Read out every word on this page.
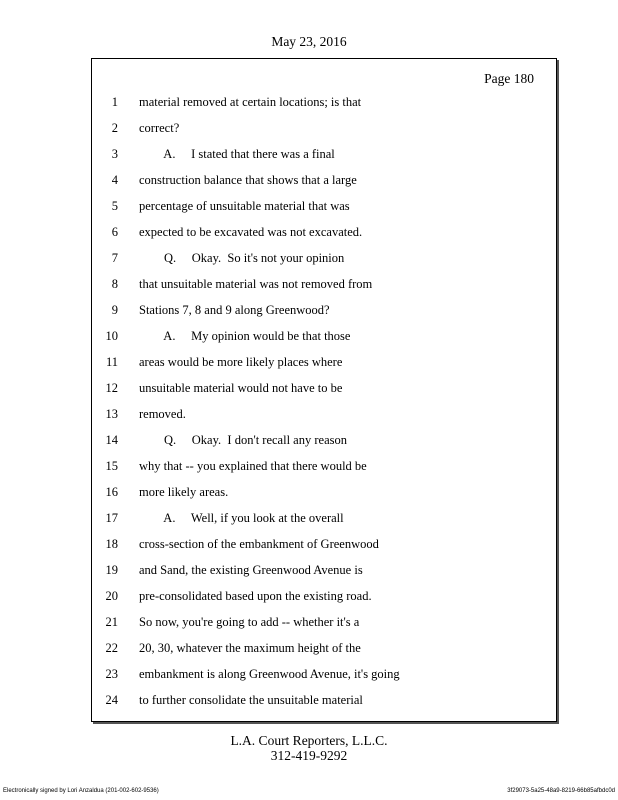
May 23, 2016
Page 180
1 material removed at certain locations; is that
2 correct?
3 A.     I stated that there was a final
4 construction balance that shows that a large
5 percentage of unsuitable material that was
6 expected to be excavated was not excavated.
7 Q.     Okay.  So it's not your opinion
8 that unsuitable material was not removed from
9 Stations 7, 8 and 9 along Greenwood?
10 A.     My opinion would be that those
11 areas would be more likely places where
12 unsuitable material would not have to be
13 removed.
14 Q.     Okay.  I don't recall any reason
15 why that -- you explained that there would be
16 more likely areas.
17 A.     Well, if you look at the overall
18 cross-section of the embankment of Greenwood
19 and Sand, the existing Greenwood Avenue is
20 pre-consolidated based upon the existing road.
21 So now, you're going to add -- whether it's a
22 20, 30, whatever the maximum height of the
23 embankment is along Greenwood Avenue, it's going
24 to further consolidate the unsuitable material
L.A. Court Reporters, L.L.C.
312-419-9292
Electronically signed by Lori Anzaldua (201-002-602-9536)	3f29073-5a25-48a9-8219-66b85afbdc0d
